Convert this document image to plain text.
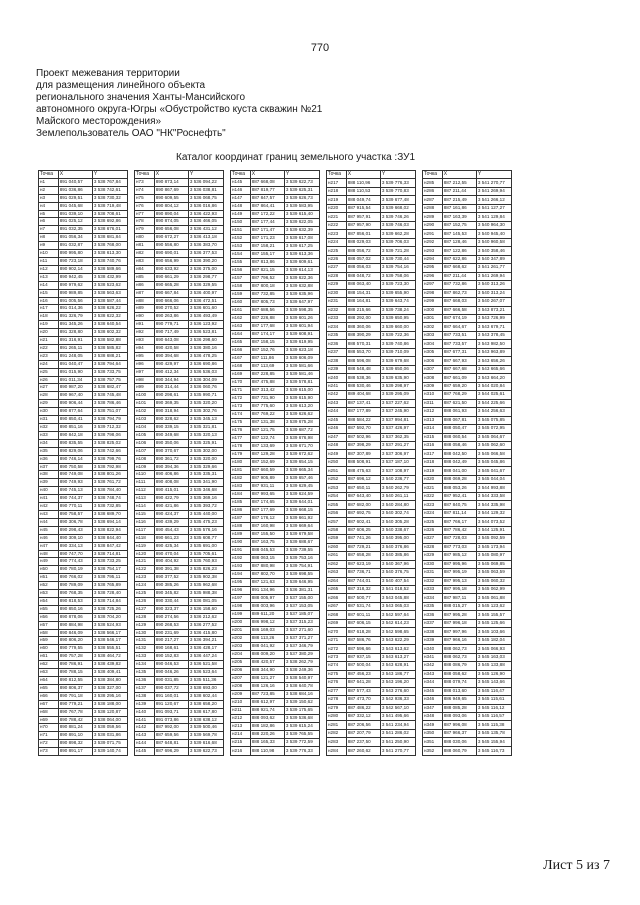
770
Проект межевания территории
для размещения линейного объекта
регионального значения Ханты-Мансийского
автономного округа-Югры «Обустройство куста скважин №21
Майского месторождения»
Землепользователь ОАО "НК"Роснефть"
Каталог координат границ земельного участка :ЗУ1
Точка	X	Y
н1	891 040,57	3 538 767,84
н2	891 036,86	3 538 742,61
н3	891 029,51	3 538 730,32
н4	891 045,68	3 538 719,48
н5	891 039,10	3 538 708,61
н6	891 025,12	3 538 692,86
н7	891 032,35	3 538 676,01
н8	891 056,34	3 538 681,84
н9	891 032,87	3 538 768,00
н10	890 995,80	3 538 613,30
н11	890 723,18	3 538 740,76
н12	890 902,14	3 538 589,66
н13	890 942,45	3 538 432,99
н14	890 979,62	3 538 523,62
н15	890 989,85	3 538 563,63
н16	891 005,56	3 538 587,44
н17	891 014,36	3 538 626,22
н18	891 326,79	3 538 622,32
н19	891 345,26	3 538 640,54
н20	891 328,80	3 538 602,32
н21	891 316,91	3 538 582,88
н22	891 265,11	3 538 585,82
н23	891 248,05	3 538 688,21
н24	891 040,47	3 538 794,64
н25	891 015,90	3 538 733,75
н26	891 011,34	3 538 757,75
н27	890 987,20	3 538 682,47
н28	890 967,40	3 538 745,48
н29	890 906,44	3 538 786,46
н30	890 877,64	3 538 751,07
н31	890 850,41	3 538 794,79
н32	890 851,16	3 539 712,32
н33	890 842,18	3 538 798,06
н34	890 835,55	3 538 825,02
н35	890 829,06	3 538 742,66
н36	890 746,14	3 538 799,76
н37	890 750,58	3 538 792,98
н38	890 749,08	3 538 801,26
н39	890 749,93	3 538 761,72
н40	890 745,13	3 538 784,40
н41	890 744,37	3 538 748,74
н42	890 770,11	3 538 732,85
н43	890 758,57	3 538 689,70
н44	890 306,78	3 538 694,14
н45	890 298,43	3 538 822,94
н46	890 309,10	3 538 844,40
н47	890 334,13	3 538 847,42
н48	890 747,70	3 538 714,81
н49	890 774,43	3 538 733,25
н50	890 780,19	3 538 754,17
н51	890 766,02	3 538 795,11
н52	890 789,09	3 538 765,89
н53	890 768,35	3 538 728,40
н54	890 818,53	3 538 714,84
н55	890 850,16	3 538 725,26
н56	890 878,06	3 538 704,20
н57	890 884,98	3 538 524,93
н58	890 846,09	3 538 566,17
н59	890 806,20	3 538 546,17
н60	890 779,55	3 538 555,51
н61	890 757,28	3 538 464,72
н62	890 786,91	3 538 439,82
н63	890 788,15	3 538 409,41
н64	890 812,55	3 538 384,80
н65	890 806,37	3 538 327,00
н66	890 791,18	3 538 295,16
н67	890 779,21	3 538 188,00
н68	890 767,78	3 538 120,87
н69	890 788,42	3 538 064,00
н70	890 881,24	3 538 059,56
н71	890 891,10	3 538 031,86
н72	890 898,32	3 539 071,75
н73	890 891,17	3 539 140,74
Точка	X	Y
н73	890 873,14	3 536 094,22
н74	890 867,69	3 536 038,81
н75	890 609,55	3 536 068,75
н76	890 804,12	3 536 016,86
н77	890 890,04	3 536 422,93
н78	890 874,05	3 536 466,05
н79	890 656,08	3 536 431,12
н80	890 672,27	3 536 413,18
н81	890 556,80	3 536 383,70
н82	890 690,01	3 536 377,53
н83	890 656,99	3 536 390,20
н84	890 633,92	3 536 375,00
н85	890 661,29	3 536 298,77
н86	890 665,28	3 536 329,55
н87	890 667,84	3 536 400,97
н88	890 666,06	3 536 472,51
н89	890 270,52	3 536 601,60
н90	890 263,86	3 536 493,49
н91	890 779,71	3 536 123,92
н92	890 717,49	3 536 523,81
н93	890 643,08	3 536 298,60
н94	890 420,58	3 536 380,16
н95	890 394,68	3 536 478,25
н96	890 429,97	3 536 690,86
н97	890 412,34	3 536 536,03
н98	890 344,94	3 536 304,09
н99	890 314,44	3 536 060,76
н100	890 298,61	3 535 990,71
н101	890 369,35	3 535 320,20
н102	890 318,94	3 535 302,76
н103	890 328,62	3 535 345,13
н104	890 339,15	3 535 321,81
н105	890 349,68	3 535 320,13
н106	890 350,06	3 535 325,91
н107	890 370,67	3 535 302,00
н108	890 361,72	3 535 320,00
н109	890 394,36	3 535 329,66
н110	890 406,86	3 535 335,31
н111	890 408,08	3 535 341,90
н112	890 415,01	3 535 346,68
н113	890 422,79	3 535 369,16
н114	890 421,86	3 535 393,72
н115	890 424,37	3 535 440,00
н116	890 439,29	3 535 475,23
н117	890 454,43	3 535 576,16
н118	890 661,23	3 535 608,77
н119	890 425,34	3 535 691,00
н120	890 470,04	3 535 705,61
н121	890 404,92	3 535 760,93
н122	890 391,38	3 535 826,23
н123	890 377,52	3 535 902,38
н124	890 385,26	3 535 962,68
н125	890 345,82	3 535 988,38
н126	890 330,44	3 536 081,05
н127	890 323,37	3 536 158,60
н128	890 274,56	3 536 212,62
н129	890 268,53	3 536 277,52
н130	890 231,69	3 536 415,80
н131	890 217,27	3 536 394,21
н132	890 168,61	3 536 428,17
н133	890 152,83	3 536 447,24
н134	890 046,53	3 536 521,58
н135	890 046,26	3 536 523,64
н136	890 031,85	3 535 511,36
н137	890 037,72	3 538 693,00
н138	891 160,01	3 538 602,44
н139	891 120,67	3 538 658,20
н140	891 093,71	3 538 617,80
н141	891 073,86	3 538 638,12
н142	887 992,00	3 539 500,46
н143	887 659,56	3 539 569,78
н144	887 648,81	3 539 616,68
н145	887 696,29	3 539 622,73
Точка	X	Y
н145	887 668,08	3 539 622,73
н146	887 819,77	3 539 625,31
н147	887 847,57	3 539 626,73
н148	887 864,41	3 539 583,95
н149	887 172,22	3 539 615,40
н150	887 177,44	3 539 622,05
н151	887 171,47	3 539 632,39
н152	887 171,23	3 539 617,08
н153	887 158,21	3 539 617,25
н154	887 155,17	3 539 613,36
н155	887 813,86	3 539 609,61
н156	887 821,15	3 539 614,13
н157	887 796,52	3 539 622,36
н158	887 800,18	3 539 632,88
н159	887 732,85	3 539 635,96
н160	887 805,73	3 539 647,97
н161	887 688,56	3 539 598,35
н162	887 226,88	3 539 601,26
н163	887 177,68	3 539 601,94
н164	887 174,17	3 539 608,91
н165	887 158,15	3 539 619,95
н166	887 152,76	3 539 623,18
н167	887 111,86	3 539 606,09
н168	887 113,69	3 539 581,66
н169	887 228,85	3 539 581,46
н170	887 475,88	3 539 578,81
н171	887 313,42	3 539 615,00
н172	887 731,90	3 539 615,90
н173	887 775,60	3 539 613,20
н174	887 769,22	3 539 626,62
н175	887 131,38	3 539 675,28
н176	887 121,75	3 539 687,72
н177	887 122,74	3 539 676,98
н178	887 133,69	3 539 671,70
н179	887 129,28	3 539 672,62
н180	887 152,69	3 539 654,15
н181	887 660,59	3 539 665,34
н182	887 905,89	3 539 657,46
н183	887 931,11	3 539 629,45
н184	887 993,65	3 539 624,59
н185	887 174,65	3 539 644,01
н186	887 177,69	3 539 668,15
н187	887 176,12	3 539 661,92
н188	887 160,98	3 539 669,64
н189	887 155,50	3 539 679,58
н190	887 163,75	3 539 688,67
н191	888 045,53	3 539 739,55
н192	888 063,15	3 539 753,16
н193	887 880,98	3 539 754,91
н194	887 802,70	3 539 698,55
н195	887 121,63	3 539 646,95
н196	891 134,96	3 536 381,31
н197	888 005,97	3 537 155,00
н198	888 003,96	3 537 153,05
н199	889 611,20	3 537 185,07
н200	886 998,12	3 537 315,23
н201	886 169,03	3 537 271,60
н202	888 113,26	3 537 371,27
н203	888 041,92	3 537 346,79
н204	888 009,20	3 537 380,29
н205	888 420,57	3 538 262,79
н206	888 344,90	3 538 249,36
н207	888 121,27	3 538 540,97
н208	888 126,16	3 538 640,78
н209	887 723,85	3 538 684,16
н210	888 612,97	3 539 150,62
н211	888 921,74	3 539 175,65
н212	888 093,62	3 539 536,68
н213	888 182,86	3 539 615,24
н214	888 220,26	3 539 765,55
н215	888 165,33	3 539 772,59
н216	888 110,98	3 539 776,33
Точка	X	Y
н217	888 110,96	3 539 776,33
н218	888 110,53	3 539 770,83
н219	888 049,74	3 539 677,48
н220	887 915,54	3 539 668,02
н221	887 957,91	3 539 746,26
н222	887 957,90	3 539 746,03
н223	887 856,01	3 539 662,28
н224	888 029,03	3 539 706,03
н225	888 056,72	3 539 721,28
н226	888 057,02	3 539 730,44
н227	888 056,03	3 539 754,16
н228	888 048,72	3 539 758,06
н229	888 063,40	3 539 723,30
н230	888 154,31	3 539 655,90
н231	888 164,81	3 539 643,74
н232	888 215,66	3 539 738,24
н233	888 292,00	3 539 650,95
н234	888 360,06	3 539 660,00
н235	888 390,29	3 539 722,36
н236	888 570,31	3 539 740,86
н237	888 553,70	3 539 710,09
н238	888 596,08	3 539 679,68
н239	888 548,48	3 539 650,06
н240	888 538,36	3 539 635,90
н241	888 530,46	3 539 298,97
н242	889 404,68	3 539 295,09
н243	887 137,41	3 537 227,62
н244	887 177,89	3 537 245,90
н245	888 584,22	3 537 994,81
н246	887 592,70	3 537 426,97
н247	887 502,96	3 537 362,35
н248	887 398,29	3 537 291,27
н249	887 307,89	3 537 306,97
н250	888 508,91	3 537 187,10
н251	888 475,63	3 537 108,97
н252	887 696,12	3 540 236,77
н253	887 650,11	3 540 262,79
н254	887 643,40	3 540 261,11
н255	887 682,00	3 540 284,80
н256	887 692,75	3 540 302,74
н257	887 602,41	3 540 305,28
н258	887 606,25	3 540 338,67
н259	887 741,26	3 540 395,00
н260	887 729,21	3 540 376,86
н261	887 658,28	3 540 385,86
н262	887 623,19	3 540 367,96
н263	887 736,71	3 540 376,75
н264	887 744,01	3 540 407,54
н265	887 318,32	3 541 018,52
н266	887 500,77	3 543 045,88
н267	887 531,74	3 543 065,03
н268	887 601,11	3 542 597,64
н269	887 606,15	3 542 614,23
н270	887 618,28	3 542 598,65
н271	887 586,76	3 543 622,29
н272	887 596,66	3 543 613,62
н273	887 937,15	3 543 613,27
н274	887 500,04	3 543 628,91
н275	887 456,23	3 543 186,77
н276	887 641,28	3 543 196,20
н277	887 577,43	3 543 276,60
н278	887 473,70	3 542 936,33
н279	887 486,22	3 542 567,10
н280	887 332,12	3 541 495,66
н281	887 206,56	3 541 234,94
н282	887 207,79	3 541 286,02
н283	887 237,50	3 541 250,90
н284	887 260,62	3 541 270,77
Точка	X	Y
н285	887 212,55	3 541 270,77
н286	887 211,44	3 541 269,94
н287	887 215,49	3 541 266,12
н288	887 161,86	3 541 127,27
н289	887 163,39	3 541 129,84
н290	887 152,75	3 540 964,30
н291	887 145,53	3 540 945,40
н292	887 128,46	3 540 960,58
н293	887 122,86	3 540 358,46
н294	887 622,86	3 540 347,89
н295	887 668,62	3 541 261,77
н296	887 211,44	3 541 269,94
н297	887 732,86	3 540 313,26
н298	887 862,73	3 540 313,24
н299	887 668,03	3 540 267,07
н300	887 666,58	3 543 873,21
н301	887 674,19	3 543 726,99
н302	887 664,67	3 543 679,71
н303	887 733,51	3 543 378,45
н304	887 733,57	3 543 982,50
н305	887 677,31	3 543 963,89
н306	887 667,93	3 543 656,26
н307	887 667,68	3 543 665,66
н308	887 661,09	3 543 664,20
н309	887 659,20	3 544 020,84
н310	887 768,29	3 544 025,61
н311	887 621,50	3 544 225,66
н312	888 061,93	3 544 256,63
н313	888 067,81	3 545 075,85
н314	888 050,47	3 545 072,95
н315	888 060,54	3 545 064,67
н316	888 058,46	3 545 062,60
н317	888 042,50	3 545 066,58
н318	888 042,49	3 545 045,86
н319	888 041,00	3 545 041,67
н320	888 069,28	3 545 044,04
н321	888 053,26	3 544 993,88
н322	887 952,41	3 544 333,58
н323	887 840,75	3 544 335,98
н324	887 811,14	3 544 129,32
н325	887 766,17	3 544 073,52
н326	887 786,42	3 544 125,91
н327	887 728,03	3 545 092,59
н328	887 773,03	3 545 173,94
н329	887 985,12	3 545 080,97
н330	887 995,96	3 545 069,85
н331	887 995,19	3 545 063,59
н332	887 995,13	3 545 060,32
н333	887 995,18	3 545 062,99
н334	887 987,11	3 545 061,88
н335	888 015,27	3 545 123,62
н336	887 995,28	3 545 155,57
н337	887 996,18	3 545 125,66
н338	887 997,96	3 545 103,66
н339	887 966,16	3 545 182,04
н340	888 062,73	3 545 066,93
н341	888 062,73	3 545 163,03
н342	888 086,79	3 545 133,88
н343	888 058,62	3 545 126,90
н344	888 079,74	3 545 143,66
н345	888 013,60	3 545 116,47
н346	886 949,65	3 545 115,61
н347	888 085,28	3 545 116,12
н348	888 093,06	3 545 116,57
н349	887 996,08	3 545 115,38
н350	887 966,37	3 545 135,78
н351	888 030,06	3 545 155,94
н352	888 060,79	3 545 116,73
Лист 5 из 7
